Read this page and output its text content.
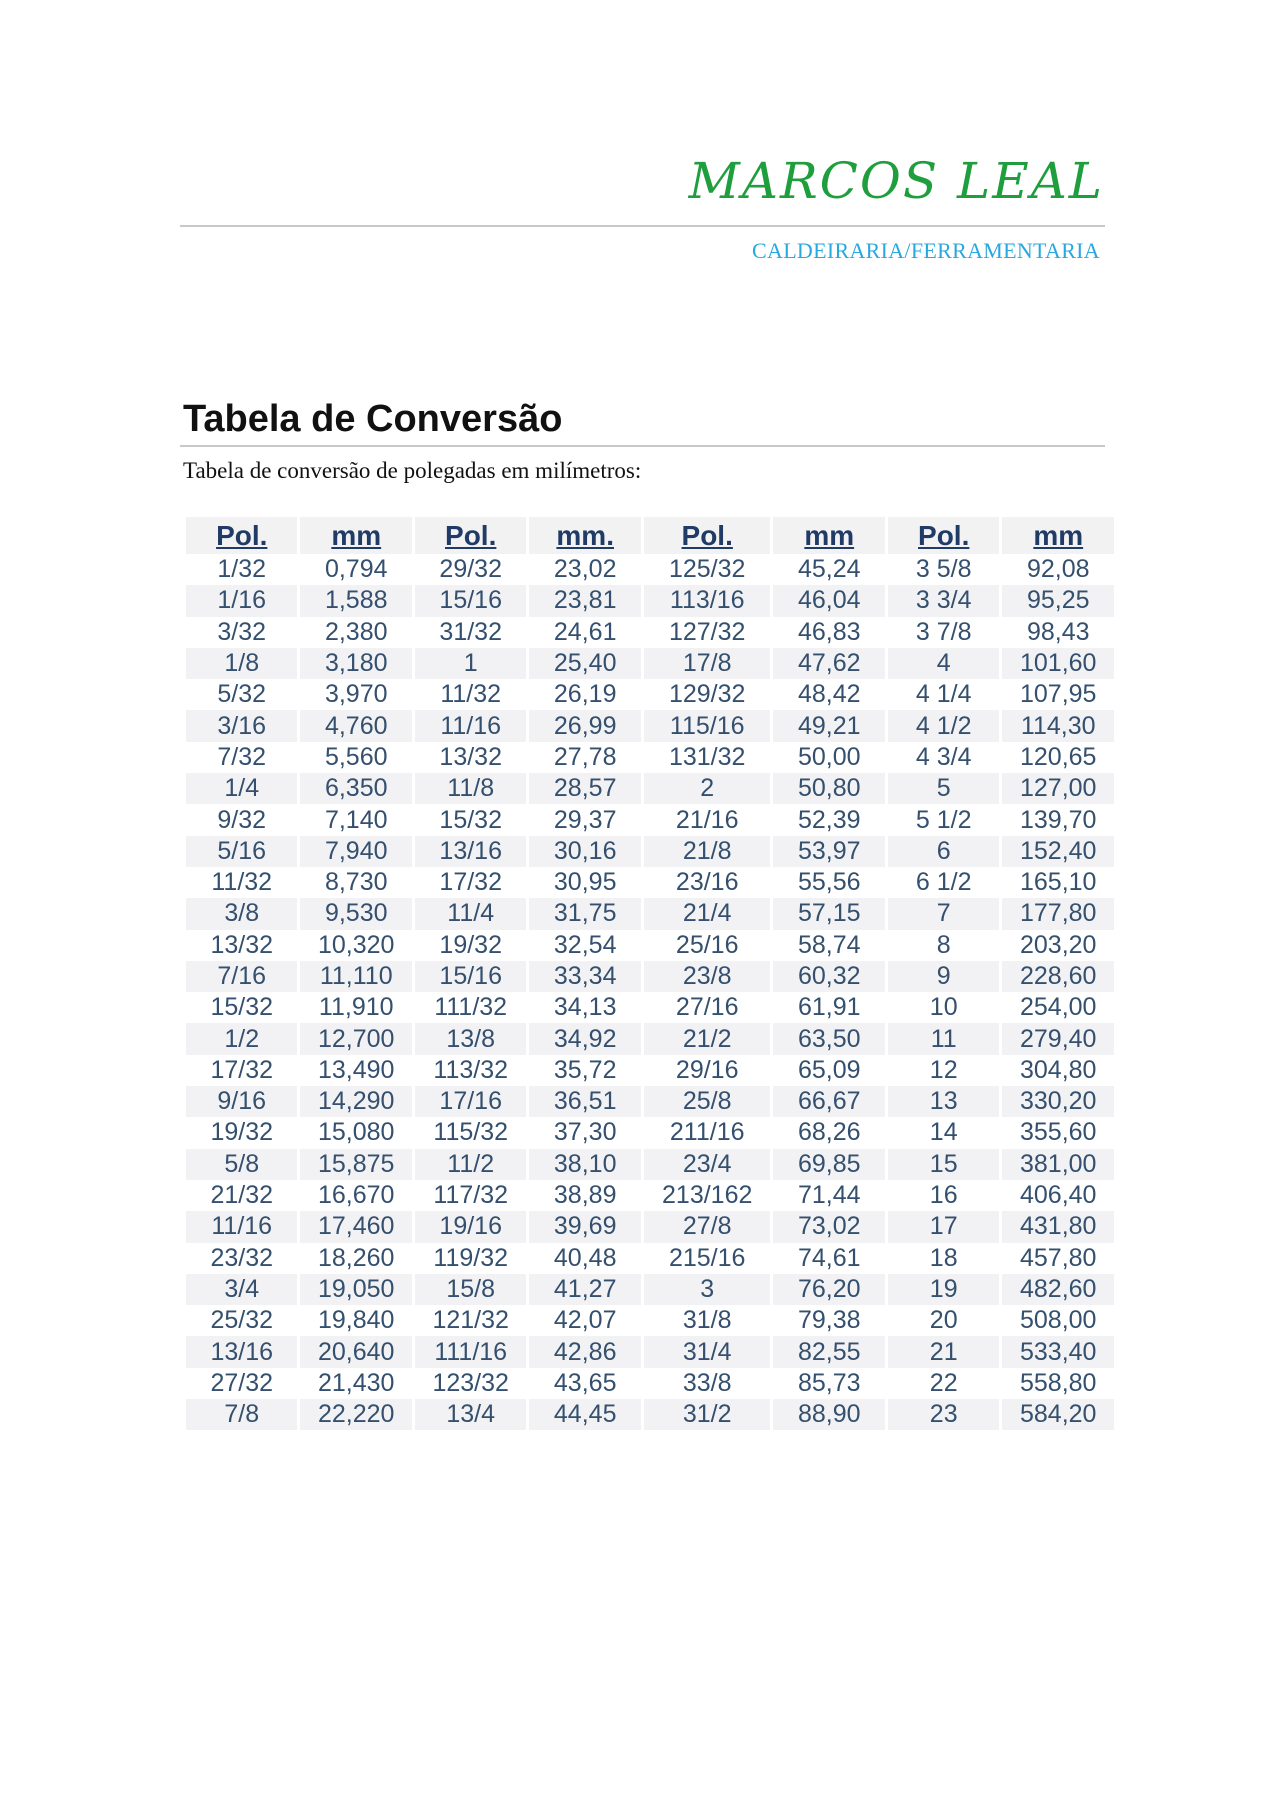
MARCOS LEAL
CALDEIRARIA/FERRAMENTARIA
Tabela de Conversão
Tabela de conversão de polegadas em milímetros:
Pol.	mm	Pol.	mm.	Pol.	mm	Pol.	mm
1/32	0,794	29/32	23,02	125/32	45,24	3 5/8	92,08
1/16	1,588	15/16	23,81	113/16	46,04	3 3/4	95,25
3/32	2,380	31/32	24,61	127/32	46,83	3 7/8	98,43
1/8	3,180	1	25,40	17/8	47,62	4	101,60
5/32	3,970	11/32	26,19	129/32	48,42	4 1/4	107,95
3/16	4,760	11/16	26,99	115/16	49,21	4 1/2	114,30
7/32	5,560	13/32	27,78	131/32	50,00	4 3/4	120,65
1/4	6,350	11/8	28,57	2	50,80	5	127,00
9/32	7,140	15/32	29,37	21/16	52,39	5 1/2	139,70
5/16	7,940	13/16	30,16	21/8	53,97	6	152,40
11/32	8,730	17/32	30,95	23/16	55,56	6 1/2	165,10
3/8	9,530	11/4	31,75	21/4	57,15	7	177,80
13/32	10,320	19/32	32,54	25/16	58,74	8	203,20
7/16	11,110	15/16	33,34	23/8	60,32	9	228,60
15/32	11,910	111/32	34,13	27/16	61,91	10	254,00
1/2	12,700	13/8	34,92	21/2	63,50	11	279,40
17/32	13,490	113/32	35,72	29/16	65,09	12	304,80
9/16	14,290	17/16	36,51	25/8	66,67	13	330,20
19/32	15,080	115/32	37,30	211/16	68,26	14	355,60
5/8	15,875	11/2	38,10	23/4	69,85	15	381,00
21/32	16,670	117/32	38,89	213/162	71,44	16	406,40
11/16	17,460	19/16	39,69	27/8	73,02	17	431,80
23/32	18,260	119/32	40,48	215/16	74,61	18	457,80
3/4	19,050	15/8	41,27	3	76,20	19	482,60
25/32	19,840	121/32	42,07	31/8	79,38	20	508,00
13/16	20,640	111/16	42,86	31/4	82,55	21	533,40
27/32	21,430	123/32	43,65	33/8	85,73	22	558,80
7/8	22,220	13/4	44,45	31/2	88,90	23	584,20
